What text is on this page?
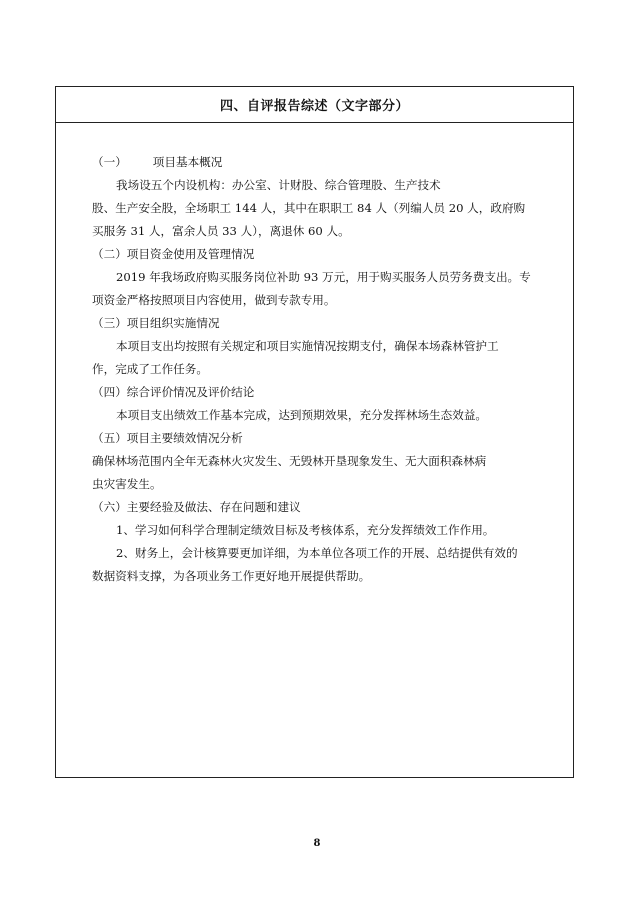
四、自评报告综述（文字部分）
（一） 项目基本概况
我场设五个内设机构：办公室、计财股、综合管理股、生产技术
股、生产安全股，全场职工 144 人，其中在职职工 84 人（列编人员 20 人，政府购
买服务 31 人，富余人员 33 人），离退休 60 人。
（二）项目资金使用及管理情况
2019 年我场政府购买服务岗位补助 93 万元，用于购买服务人员劳务费支出。专
项资金严格按照项目内容使用，做到专款专用。
（三）项目组织实施情况
本项目支出均按照有关规定和项目实施情况按期支付，确保本场森林管护工
作，完成了工作任务。
（四）综合评价情况及评价结论
本项目支出绩效工作基本完成，达到预期效果，充分发挥林场生态效益。
（五）项目主要绩效情况分析
确保林场范围内全年无森林火灾发生、无毁林开垦现象发生、无大面积森林病
虫灾害发生。
（六）主要经验及做法、存在问题和建议
1、学习如何科学合理制定绩效目标及考核体系，充分发挥绩效工作作用。
2、财务上，会计核算要更加详细，为本单位各项工作的开展、总结提供有效的
数据资料支撑，为各项业务工作更好地开展提供帮助。
8
